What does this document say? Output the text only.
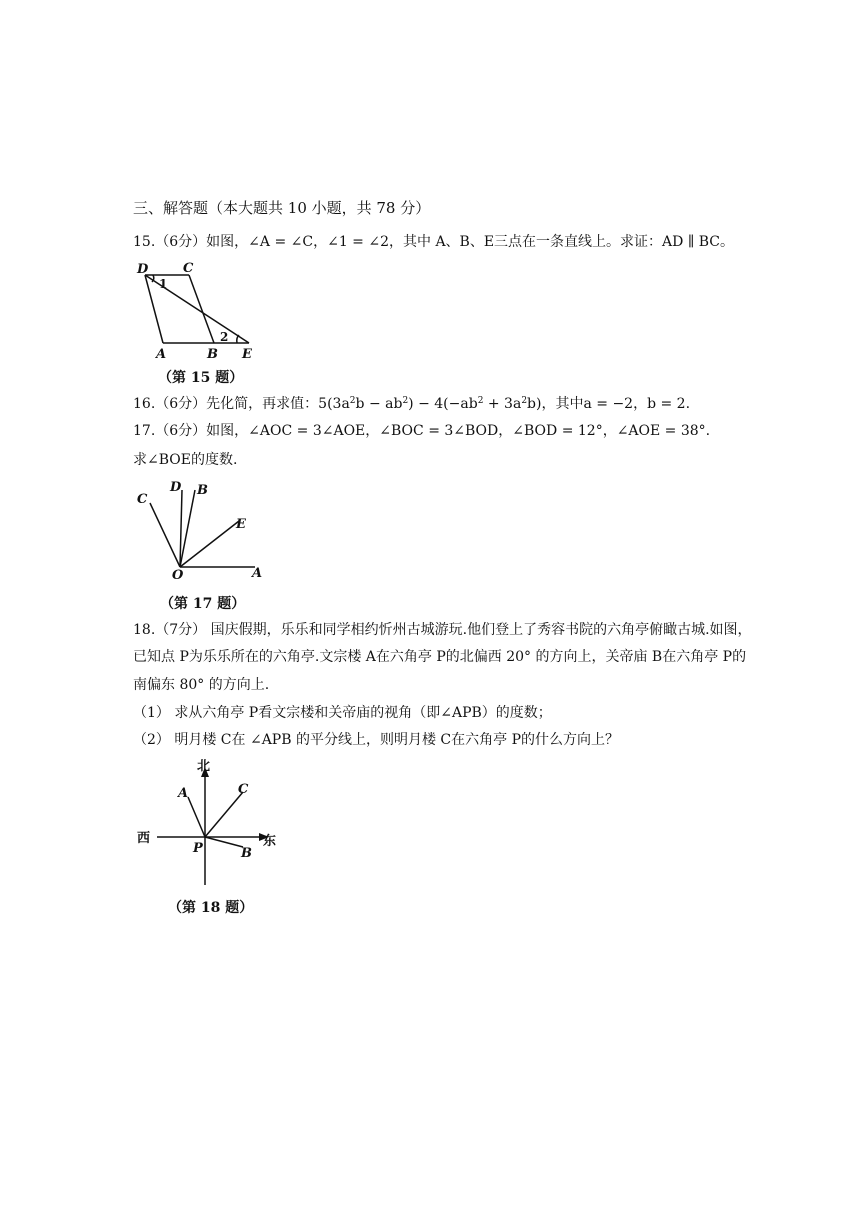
三、解答题（本大题共 10 小题，共 78 分）
15.（6分）如图，∠A = ∠C，∠1 = ∠2，其中 A、B、E三点在一条直线上。求证：AD ∥ BC。
D	C
A	B E
1
2
（第 15 题）
16.（6分）先化简，再求值：$5(3a^2b - ab^2) - 4(-ab^2 + 3a^2b)$，其中a = −2，b = 2.
17.（6分）如图，∠AOC = 3∠AOE，∠BOC = 3∠BOD，∠BOD = 12°，∠AOE = 38°.
求∠BOE的度数.
C
D B
E
O	A
（第 17 题）
18.（7分） 国庆假期，乐乐和同学相约忻州古城游玩.他们登上了秀容书院的六角亭俯瞰古城.如图，
已知点 P为乐乐所在的六角亭.文宗楼 A在六角亭 P的北偏西 20° 的方向上，关帝庙 B在六角亭 P的
南偏东 80° 的方向上.
（1） 求从六角亭 P看文宗楼和关帝庙的视角（即∠APB）的度数；
（2） 明月楼 C在 ∠APB 的平分线上，则明月楼 C在六角亭 P的什么方向上？
北
西	东
A	C
B
P
（第 18 题）
